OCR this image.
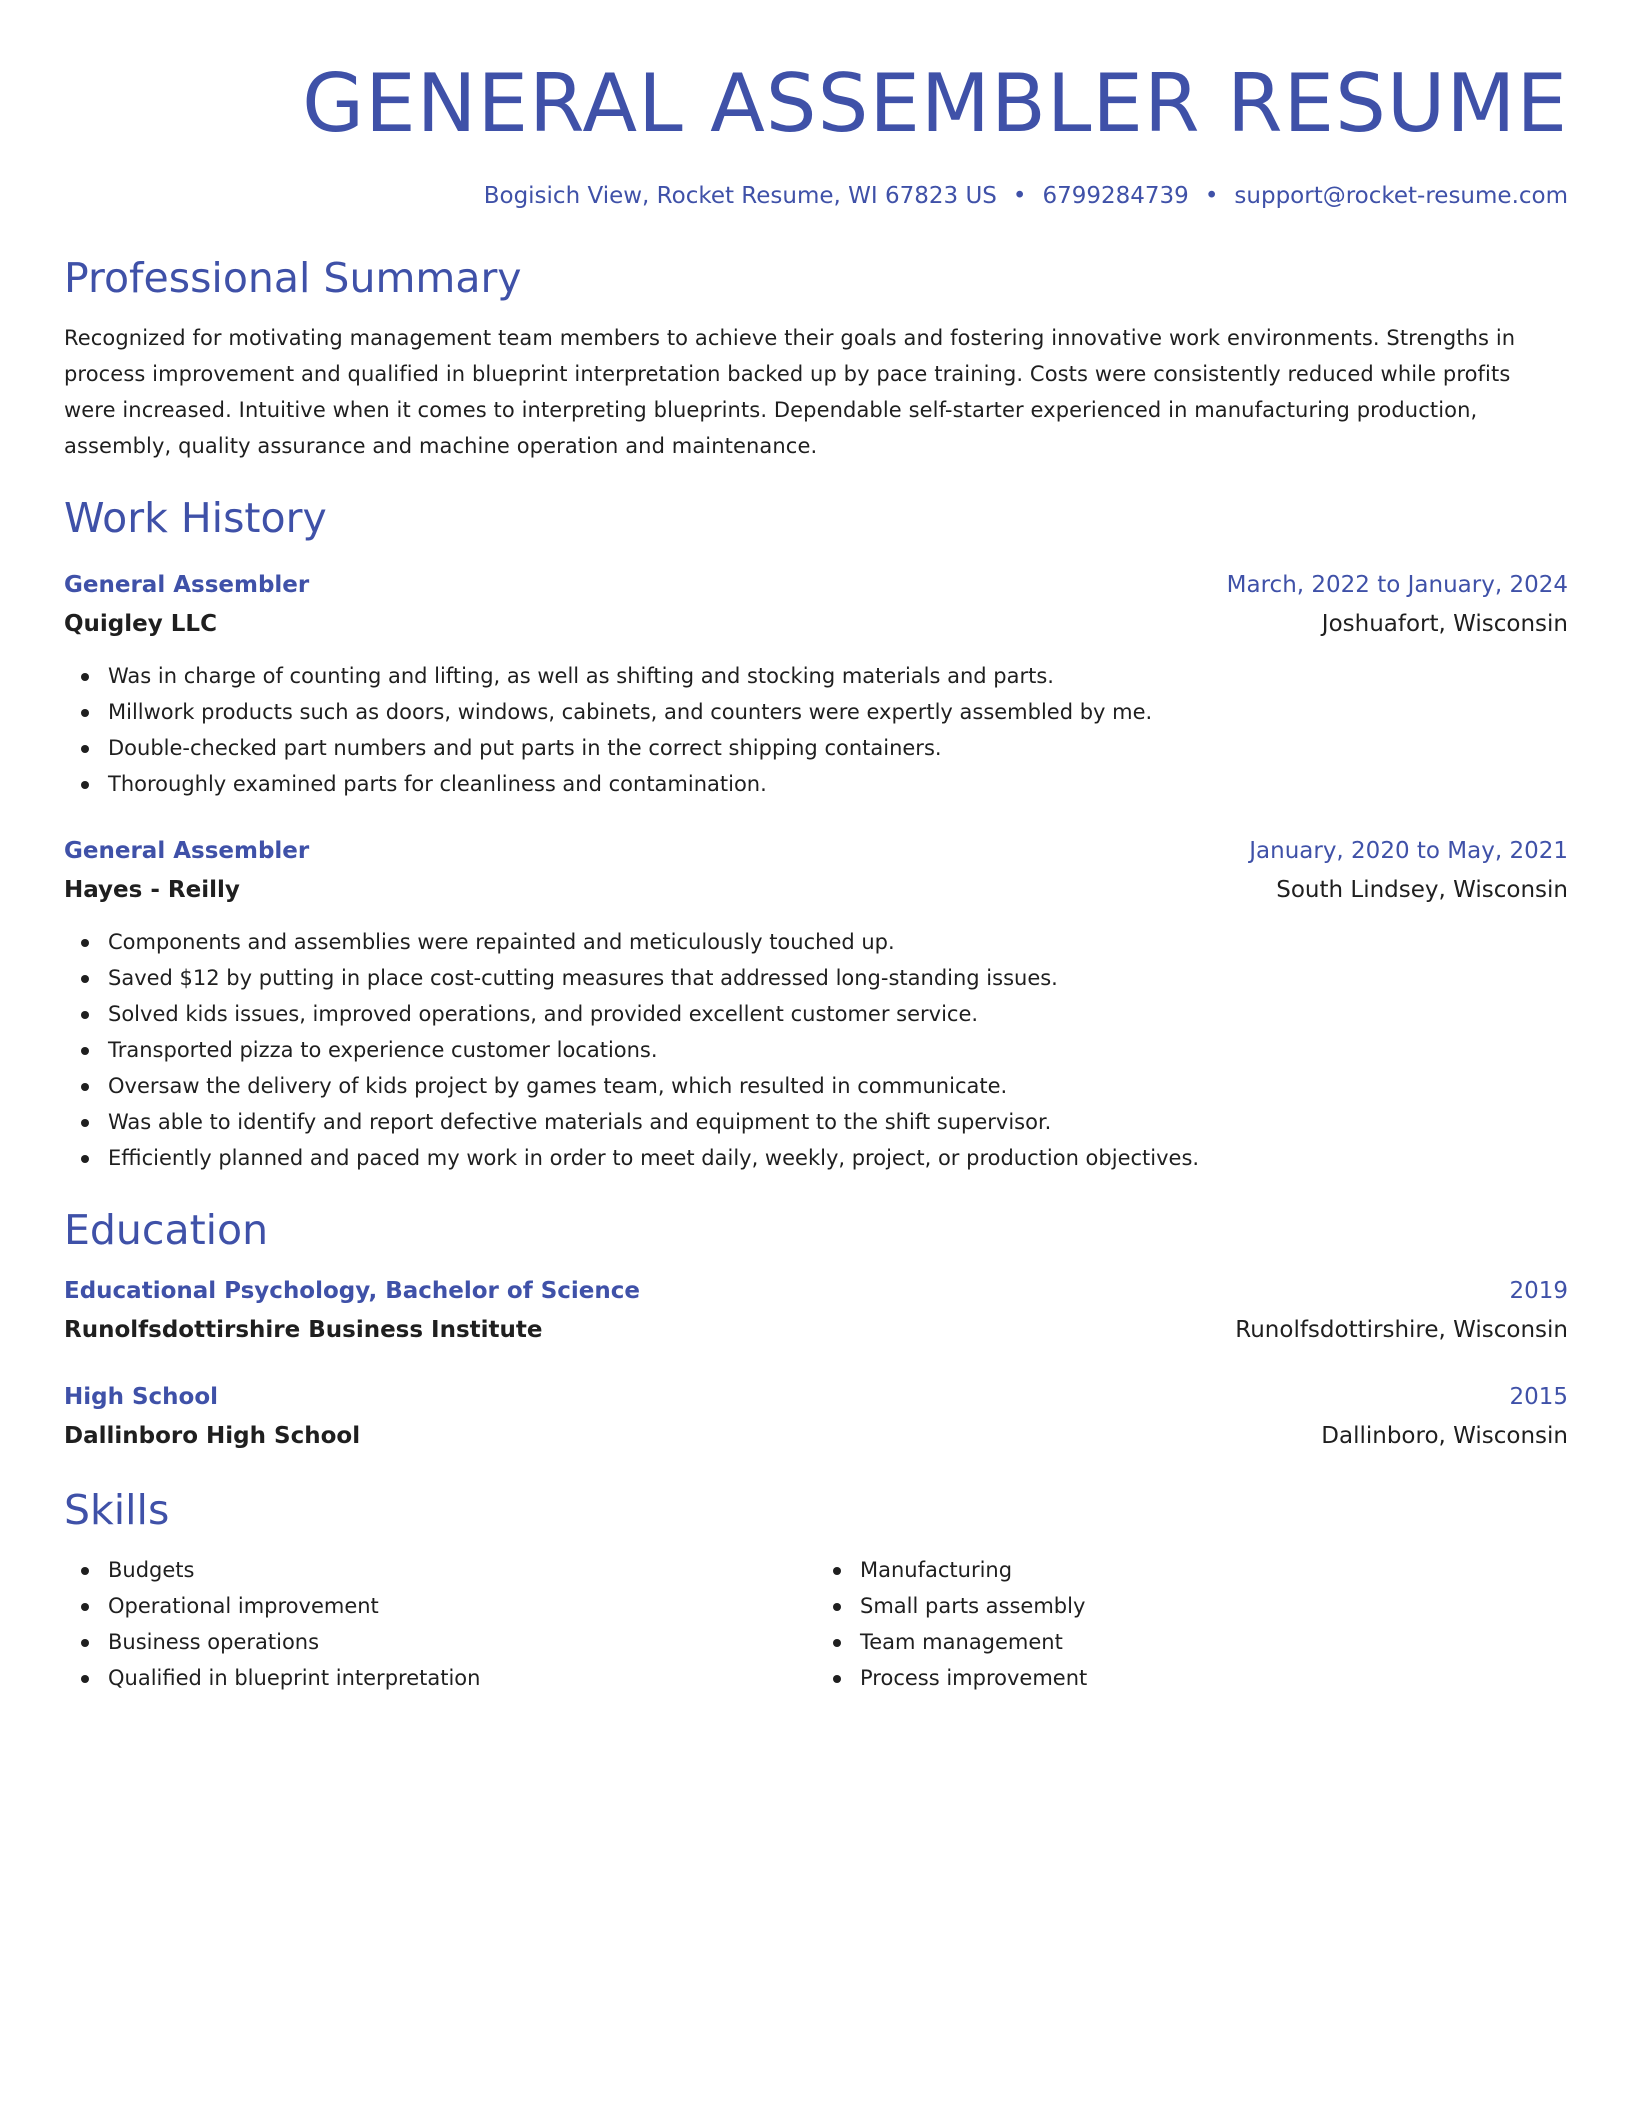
GENERAL ASSEMBLER RESUME
Bogisich View, Rocket Resume, WI 67823 US • 6799284739 • support@rocket-resume.com
Professional Summary

Recognized for motivating management team members to achieve their goals and fostering innovative work environments. Strengths in process improvement and qualified in blueprint interpretation backed up by pace training. Costs were consistently reduced while profits were increased. Intuitive when it comes to interpreting blueprints. Dependable self-starter experienced in manufacturing production, assembly, quality assurance and machine operation and maintenance.

Work History
General Assembler	March, 2022 to January, 2024
Quigley LLC	Joshuafort, Wisconsin
Was in charge of counting and lifting, as well as shifting and stocking materials and parts.
Millwork products such as doors, windows, cabinets, and counters were expertly assembled by me.
Double-checked part numbers and put parts in the correct shipping containers.
Thoroughly examined parts for cleanliness and contamination.
General Assembler	January, 2020 to May, 2021
Hayes - Reilly	South Lindsey, Wisconsin
Components and assemblies were repainted and meticulously touched up.
Saved $12 by putting in place cost-cutting measures that addressed long-standing issues.
Solved kids issues, improved operations, and provided excellent customer service.
Transported pizza to experience customer locations.
Oversaw the delivery of kids project by games team, which resulted in communicate.
Was able to identify and report defective materials and equipment to the shift supervisor.
Efficiently planned and paced my work in order to meet daily, weekly, project, or production objectives.
Education
Educational Psychology, Bachelor of Science	2019
Runolfsdottirshire Business Institute	Runolfsdottirshire, Wisconsin
High School	2015
Dallinboro High School	Dallinboro, Wisconsin
Skills
Budgets
Operational improvement
Business operations
Qualified in blueprint interpretation
Manufacturing
Small parts assembly
Team management
Process improvement
